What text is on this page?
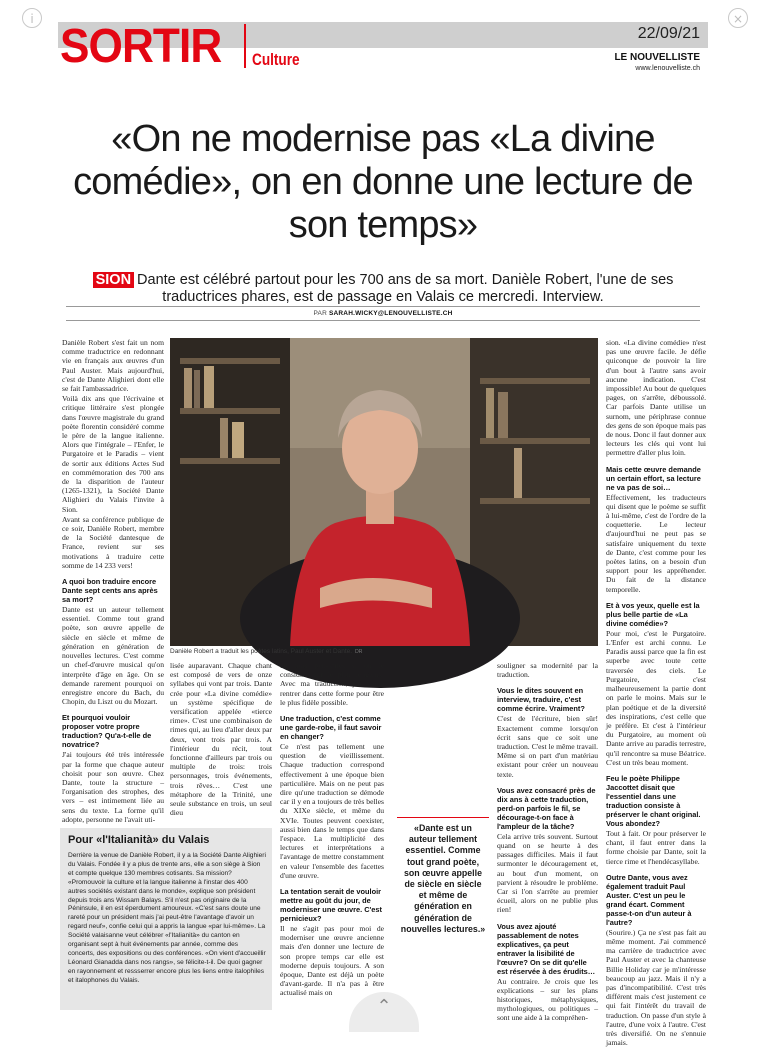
i	×
SORTIR Culture
22/09/21
LE NOUVELLISTE
www.lenouvelliste.ch
«On ne modernise pas «La divine comédie», on en donne une lecture de son temps»
SION Dante est célébré partout pour les 700 ans de sa mort. Danièle Robert, l'une de ses traductrices phares, est de passage en Valais ce mercredi. Interview.
PAR SARAH.WICKY@LENOUVELLISTE.CH

Danièle Robert s'est fait un nom comme traductrice en redonnant vie en français aux œuvres d'un Paul Auster. Mais aujourd'hui, c'est de Dante Alighieri dont elle se fait l'ambassadrice.

Voilà dix ans que l'écrivaine et critique littéraire s'est plongée dans l'œuvre magistrale du grand poète florentin considéré comme le père de la langue italienne. Alors que l'intégrale – l'Enfer, le Purgatoire et le Paradis – vient de sortir aux éditions Actes Sud en commémoration des 700 ans de la disparition de l'auteur (1265-1321), la Société Dante Alighieri du Valais l'invite à Sion.

Avant sa conférence publique de ce soir, Danièle Robert, membre de la Société dantesque de France, revient sur ses motivations à traduire cette somme de 14 233 vers!

A quoi bon traduire encore Dante sept cents ans après sa mort?

Dante est un auteur tellement essentiel. Comme tout grand poète, son œuvre appelle de siècle en siècle et même de génération en génération de nouvelles lectures. C'est comme un chef-d'œuvre musical qu'on interprète d'âge en âge. On se demande rarement pourquoi on enregistre encore du Bach, du Chopin, du Liszt ou du Mozart.

Et pourquoi vouloir proposer votre propre traduction? Qu'a-t-elle de novatrice?

J'ai toujours été très intéressée par la forme que chaque auteur choisit pour son œuvre. Chez Dante, toute la structure – l'organisation des strophes, des vers – est intimement liée au sens du texte. La forme qu'il adopte, personne ne l'avait uti-

Danièle Robert a traduit les poètes latins, Paul Auster et Dante. DR

lisée auparavant. Chaque chant est composé de vers de onze syllabes qui vont par trois. Dante crée pour «La divine comédie» un système spécifique de versification appelée «tierce rime». C'est une combinaison de rimes qui, au lieu d'aller deux par deux, vont trois par trois. A l'intérieur du récit, tout fonctionne d'ailleurs par trois ou multiple de trois: trois personnages, trois événements, trois rêves… C'est une métaphore de la Trinité, une seule substance en trois, un seul dieu

en trois personnes si on le considère sur le plan religieux. Avec ma traduction, j'ai voulu rentrer dans cette forme pour être le plus fidèle possible.

Une traduction, c'est comme une garde-robe, il faut savoir en changer?

Ce n'est pas tellement une question de vieillissement. Chaque traduction correspond effectivement à une époque bien particulière. Mais on ne peut pas dire qu'une traduction se démode car il y en a toujours de très belles du XIXe siècle, et même du XVIe. Toutes peuvent coexister, aussi bien dans le temps que dans l'espace. La multiplicité des lectures et interprétations a l'avantage de mettre constamment en valeur l'ensemble des facettes d'une œuvre.

La tentation serait de vouloir mettre au goût du jour, de moderniser une œuvre. C'est pernicieux?

Il ne s'agit pas pour moi de moderniser une œuvre ancienne mais d'en donner une lecture de son propre temps car elle est moderne depuis toujours. A son époque, Dante est déjà un poète d'avant-garde. Il n'a pas à être actualisé mais on

«Dante est un auteur tellement essentiel. Comme tout grand poète, son œuvre appelle de siècle en siècle et même de génération en génération de nouvelles lectures.»

souligner sa modernité par la traduction.

Vous le dites souvent en interview, traduire, c'est comme écrire. Vraiment?

C'est de l'écriture, bien sûr! Exactement comme lorsqu'on écrit sans que ce soit une traduction. C'est le même travail. Même si on part d'un matériau existant pour créer un nouveau texte.

Vous avez consacré près de dix ans à cette traduction, perd-on parfois le fil, se décourage-t-on face à l'ampleur de la tâche?

Cela arrive très souvent. Surtout quand on se heurte à des passages difficiles. Mais il faut surmonter le découragement et, au bout d'un moment, on parvient à résoudre le problème. Car si l'on s'arrête au premier écueil, alors on ne publie plus rien!

Vous avez ajouté passablement de notes explicatives, ça peut entraver la lisibilité de l'œuvre? On se dit qu'elle est réservée à des érudits…

Au contraire. Je crois que les explications – sur les plans historiques, métaphysiques, mythologiques, ou politiques – sont une aide à la compréhen-

sion. «La divine comédie» n'est pas une œuvre facile. Je défie quiconque de pouvoir la lire d'un bout à l'autre sans avoir aucune indication. C'est impossible! Au bout de quelques pages, on s'arrête, déboussolé. Car parfois Dante utilise un surnom, une périphrase connue des gens de son époque mais pas de nous. Donc il faut donner aux lecteurs les clés qui vont lui permettre d'aller plus loin.

Mais cette œuvre demande un certain effort, sa lecture ne va pas de soi…

Effectivement, les traducteurs qui disent que le poème se suffit à lui-même, c'est de l'ordre de la coquetterie. Le lecteur d'aujourd'hui ne peut pas se satisfaire uniquement du texte de Dante, c'est comme pour les poètes latins, on a besoin d'un support pour les appréhender. Du fait de la distance temporelle.

Et à vos yeux, quelle est la plus belle partie de «La divine comédie»?

Pour moi, c'est le Purgatoire. L'Enfer est archi connu. Le Paradis aussi parce que la fin est superbe avec toute cette traversée des ciels. Le Purgatoire, c'est malheureusement la partie dont on parle le moins. Mais sur le plan poétique et de la diversité des inspirations, c'est celle que je préfère. Et c'est à l'intérieur du Purgatoire, au moment où Dante arrive au paradis terrestre, qu'il rencontre sa muse Béatrice. C'est un très beau moment.

Feu le poète Philippe Jaccottet disait que l'essentiel dans une traduction consiste à préserver le chant original. Vous abondez?

Tout à fait. Or pour préserver le chant, il faut entrer dans la forme choisie par Dante, soit la tierce rime et l'hendécasyllabe.

Outre Dante, vous avez également traduit Paul Auster. C'est un peu le grand écart. Comment passe-t-on d'un auteur à l'autre?

(Sourire.) Ça ne s'est pas fait au même moment. J'ai commencé ma carrière de traductrice avec Paul Auster et avec la chanteuse Billie Holiday car je m'intéresse beaucoup au jazz. Mais il n'y a pas d'incompatibilité. C'est très différent mais c'est justement ce qui fait l'intérêt du travail de traduction. On passe d'un style à l'autre, d'une voix à l'autre. C'est très diversifié. On ne s'ennuie jamais.

Pour «l'Italianità» du Valais
Derrière la venue de Danièle Robert, il y a la Société Dante Alighieri du Valais. Fondée il y a plus de trente ans, elle a son siège à Sion et compte quelque 130 membres cotisants. Sa mission? «Promouvoir la culture et la langue italienne à l'instar des 400 autres sociétés existant dans le monde», explique son président depuis trois ans Wissam Balays. S'il n'est pas originaire de la Péninsule, il en est éperdument amoureux. «C'est sans doute une rareté pour un président mais j'ai peut-être l'avantage d'avoir un regard neuf», confie celui qui a appris la langue «par lui-même». La Société valaisanne veut célébrer «l'Italianità» du canton en organisant sept à huit événements par année, comme des concerts, des expositions ou des conférences. «On vient d'accueillir Léonard Gianadda dans nos rangs», se félicite-t-il. De quoi gagner en rayonnement et ressserrer encore plus les liens entre italophiles et italophones du Valais.
⌃
